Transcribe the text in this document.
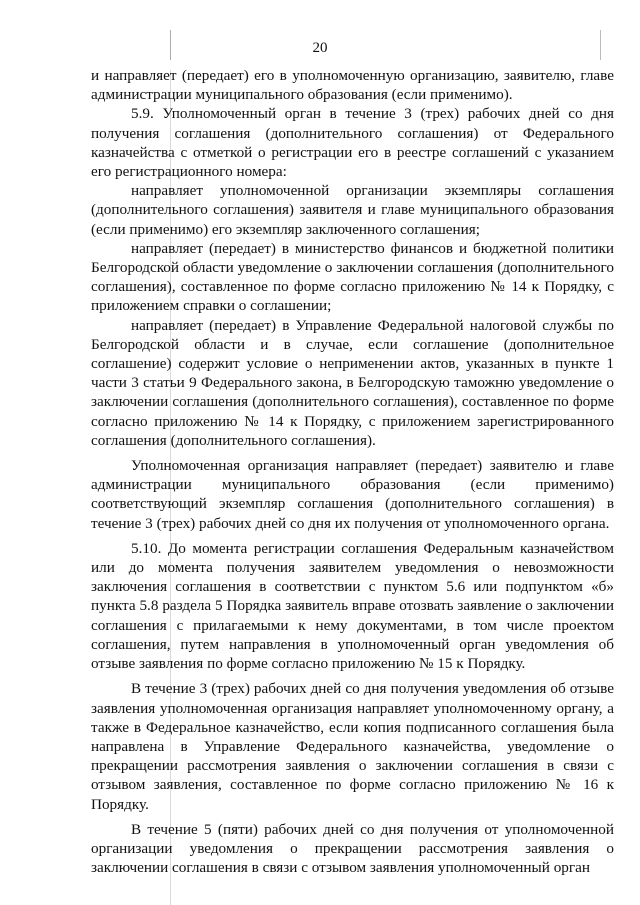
20

и направляет (передает) его в уполномоченную организацию, заявителю, главе администрации муниципального образования (если применимо).

5.9. Уполномоченный орган в течение 3 (трех) рабочих дней со дня получения соглашения (дополнительного соглашения) от Федерального казначейства с отметкой о регистрации его в реестре соглашений с указанием его регистрационного номера:

направляет уполномоченной организации экземпляры соглашения (дополнительного соглашения) заявителя и главе муниципального образования (если применимо) его экземпляр заключенного соглашения;

направляет (передает) в министерство финансов и бюджетной политики Белгородской области уведомление о заключении соглашения (дополнительного соглашения), составленное по форме согласно приложению № 14 к Порядку, с приложением справки о соглашении;

направляет (передает) в Управление Федеральной налоговой службы по Белгородской области и в случае, если соглашение (дополнительное соглашение) содержит условие о неприменении актов, указанных в пункте 1 части 3 статьи 9 Федерального закона, в Белгородскую таможню уведомление о заключении соглашения (дополнительного соглашения), составленное по форме согласно приложению № 14 к Порядку, с приложением зарегистрированного соглашения (дополнительного соглашения).

Уполномоченная организация направляет (передает) заявителю и главе администрации муниципального образования (если применимо) соответствующий экземпляр соглашения (дополнительного соглашения) в течение 3 (трех) рабочих дней со дня их получения от уполномоченного органа.

5.10. До момента регистрации соглашения Федеральным казначейством или до момента получения заявителем уведомления о невозможности заключения соглашения в соответствии с пунктом 5.6 или подпунктом «б» пункта 5.8 раздела 5 Порядка заявитель вправе отозвать заявление о заключении соглашения с прилагаемыми к нему документами, в том числе проектом соглашения, путем направления в уполномоченный орган уведомления об отзыве заявления по форме согласно приложению № 15 к Порядку.

В течение 3 (трех) рабочих дней со дня получения уведомления об отзыве заявления уполномоченная организация направляет уполномоченному органу, а также в Федеральное казначейство, если копия подписанного соглашения была направлена в Управление Федерального казначейства, уведомление о прекращении рассмотрения заявления о заключении соглашения в связи с отзывом заявления, составленное по форме согласно приложению № 16 к Порядку.

В течение 5 (пяти) рабочих дней со дня получения от уполномоченной организации уведомления о прекращении рассмотрения заявления о заключении соглашения в связи с отзывом заявления уполномоченный орган
